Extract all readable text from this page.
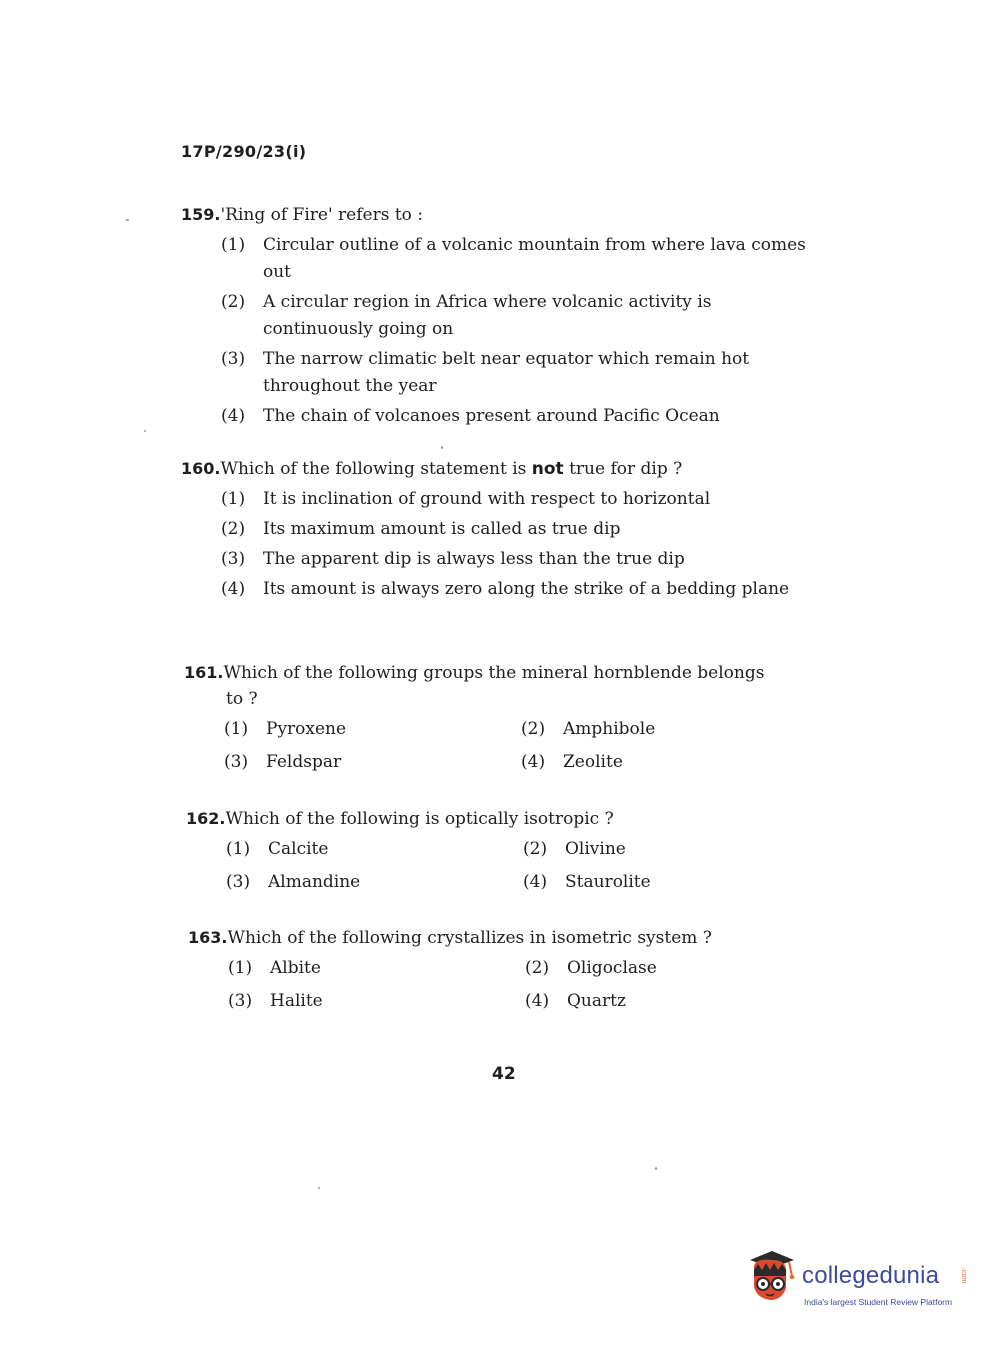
17P/290/23(i)

159.'Ring of Fire' refers to :

(1)	Circular outline of a volcanic mountain from where lava comes out
(2)	A circular region in Africa where volcanic activity is continuously going on
(3)	The narrow climatic belt near equator which remain hot throughout the year
(4)	The chain of volcanoes present around Pacific Ocean

160.Which of the following statement is not true for dip ?

(1)	It is inclination of ground with respect to horizontal
(2)	Its maximum amount is called as true dip
(3)	The apparent dip is always less than the true dip
(4)	Its amount is always zero along the strike of a bedding plane

161.Which of the following groups the mineral hornblende belongs
to ?

(1)	Pyroxene	(2)	Amphibole
(3)	Feldspar	(4)	Zeolite

162.Which of the following is optically isotropic ?

(1)	Calcite	(2)	Olivine
(3)	Almandine	(4)	Staurolite

163.Which of the following crystallizes in isometric system ?

(1)	Albite	(2)	Oligoclase
(3)	Halite	(4)	Quartz
42
collegedunia	.com
India's largest Student Review Platform
